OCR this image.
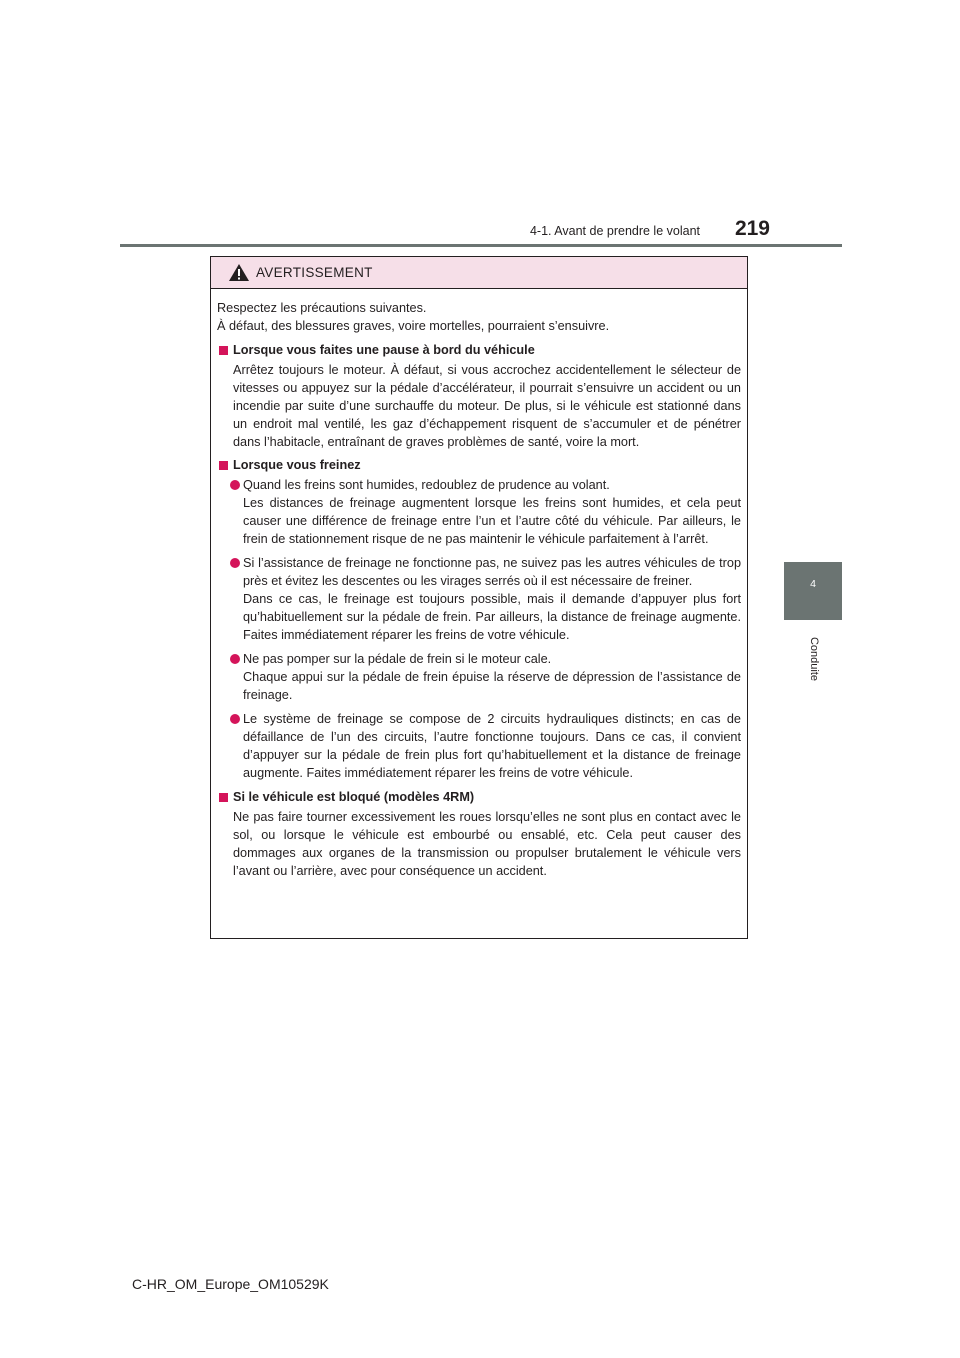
4-1. Avant de prendre le volant	219
4
Conduite
AVERTISSEMENT

Respectez les précautions suivantes.

À défaut, des blessures graves, voire mortelles, pourraient s’ensuivre.

Lorsque vous faites une pause à bord du véhicule

Arrêtez toujours le moteur. À défaut, si vous accrochez accidentellement le sélecteur de vitesses ou appuyez sur la pédale d’accélérateur, il pourrait s’ensuivre un accident ou un incendie par suite d’une surchauffe du moteur. De plus, si le véhicule est stationné dans un endroit mal ventilé, les gaz d’échappement risquent de s’accumuler et de pénétrer dans l’habitacle, entraînant de graves problèmes de santé, voire la mort.

Lorsque vous freinez

Quand les freins sont humides, redoublez de prudence au volant.

Les distances de freinage augmentent lorsque les freins sont humides, et cela peut causer une différence de freinage entre l’un et l’autre côté du véhicule. Par ailleurs, le frein de stationnement risque de ne pas maintenir le véhicule parfaitement à l’arrêt.

Si l’assistance de freinage ne fonctionne pas, ne suivez pas les autres véhicules de trop près et évitez les descentes ou les virages serrés où il est nécessaire de freiner.

Dans ce cas, le freinage est toujours possible, mais il demande d’appuyer plus fort qu’habituellement sur la pédale de frein. Par ailleurs, la distance de freinage augmente. Faites immédiatement réparer les freins de votre véhicule.

Ne pas pomper sur la pédale de frein si le moteur cale.

Chaque appui sur la pédale de frein épuise la réserve de dépression de l’assistance de freinage.

Le système de freinage se compose de 2 circuits hydrauliques distincts; en cas de défaillance de l’un des circuits, l’autre fonctionne toujours. Dans ce cas, il convient d’appuyer sur la pédale de frein plus fort qu’habituellement et la distance de freinage augmente. Faites immédiatement réparer les freins de votre véhicule.

Si le véhicule est bloqué (modèles 4RM)

Ne pas faire tourner excessivement les roues lorsqu’elles ne sont plus en contact avec le sol, ou lorsque le véhicule est embourbé ou ensablé, etc. Cela peut causer des dommages aux organes de la transmission ou propulser brutalement le véhicule vers l’avant ou l’arrière, avec pour conséquence un accident.

C-HR_OM_Europe_OM10529K
